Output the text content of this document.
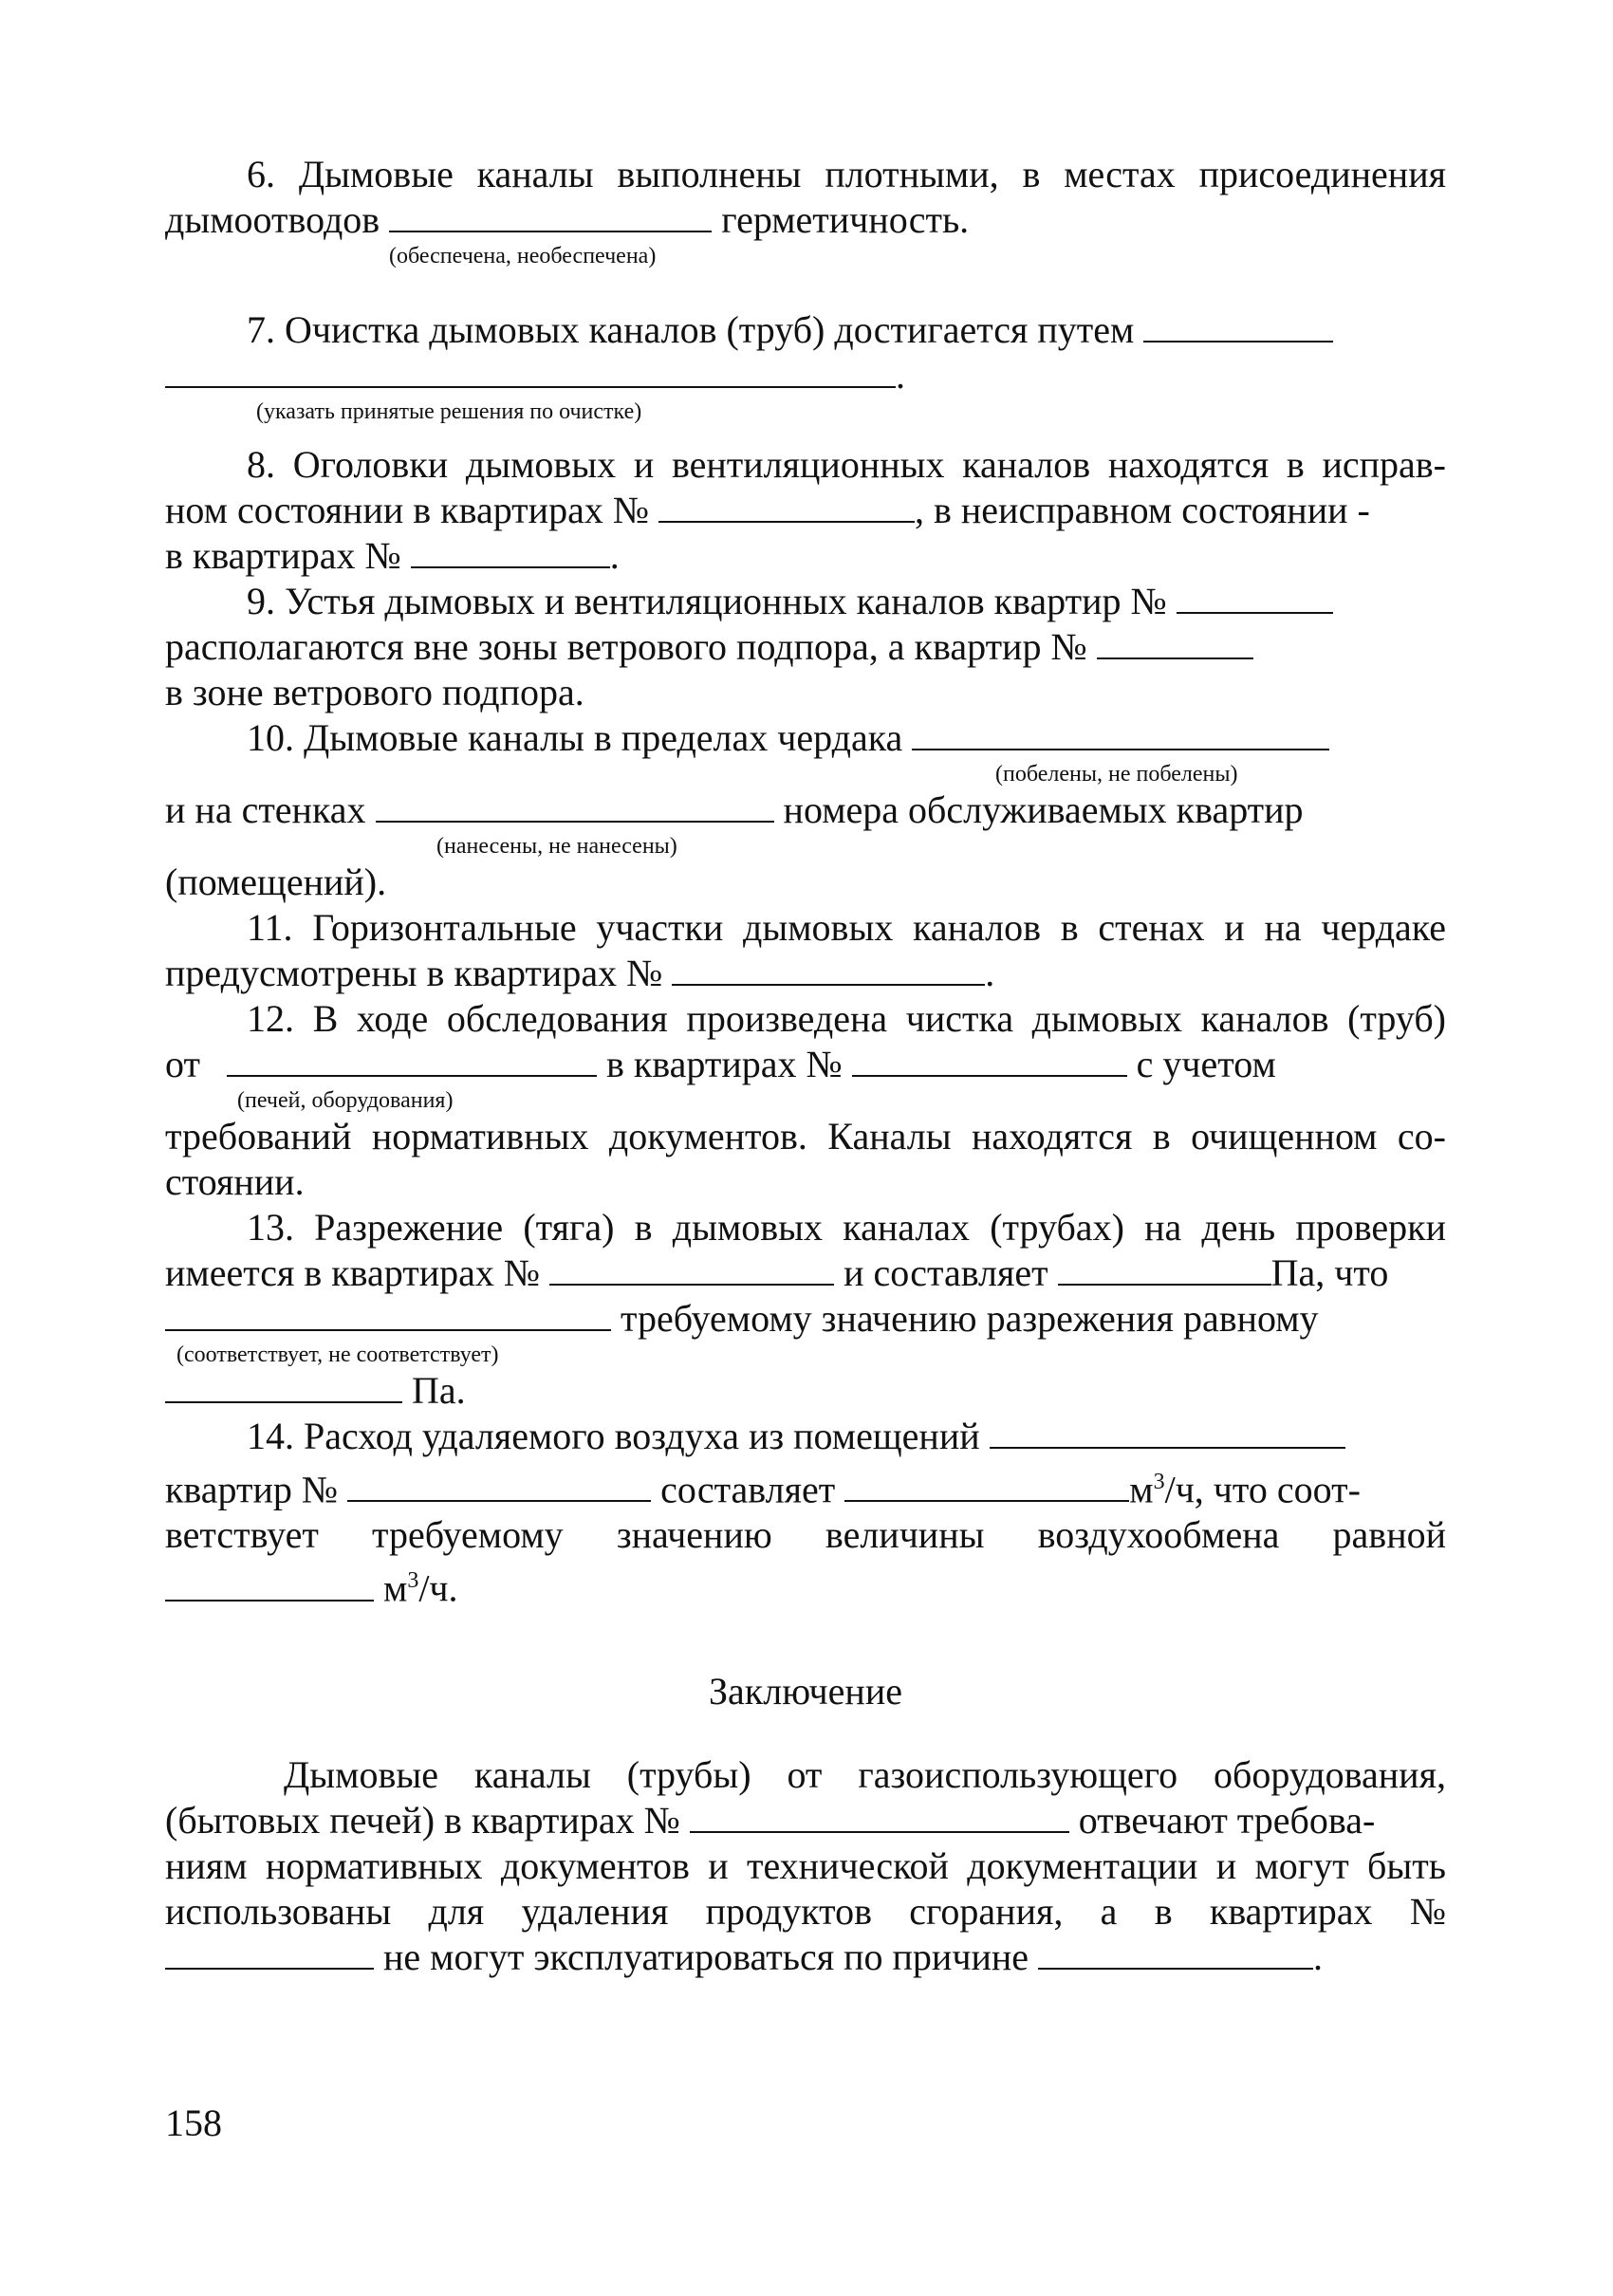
6. Дымовые каналы выполнены плотными, в местах присоединения
дымоотводов	герметичность.
(обеспечена, необеспечена)
7. Очистка дымовых каналов (труб) достигается путем
.
(указать принятые решения по очистке)
8. Оголовки дымовых и вентиляционных каналов находятся в исправ-
ном состоянии в квартирах №	, в неисправном состоянии -
в квартирах №	.
9. Устья дымовых и вентиляционных каналов квартир №
располагаются вне зоны ветрового подпора, а квартир №
в зоне ветрового подпора.
10. Дымовые каналы в пределах чердака
(побелены, не побелены)
и на стенках	номера обслуживаемых квартир
(нанесены, не нанесены)
(помещений).
11. Горизонтальные участки дымовых каналов в стенах и на чердаке
предусмотрены в квартирах №	.
12. В ходе обследования произведена чистка дымовых каналов (труб)
от	в квартирах №	с учетом
(печей, оборудования)
требований нормативных документов. Каналы находятся в очищенном со-
стоянии.
13. Разрежение (тяга) в дымовых каналах (трубах) на день проверки
имеется в квартирах №	и составляет	Па, что
требуемому значению разрежения равному
(соответствует, не соответствует)
Па.
14. Расход удаляемого воздуха из помещений
квартир №	составляет	$м^3/ч$, что соот-
ветствует требуемому значению величины воздухообмена равной
$м^3/ч$.
Заключение
Дымовые каналы (трубы) от газоиспользующего оборудования,
(бытовых печей) в квартирах №	отвечают требова-
ниям нормативных документов и технической документации и могут быть
использованы для удаления продуктов сгорания, а в квартирах №
не могут эксплуатироваться по причине	.
158
